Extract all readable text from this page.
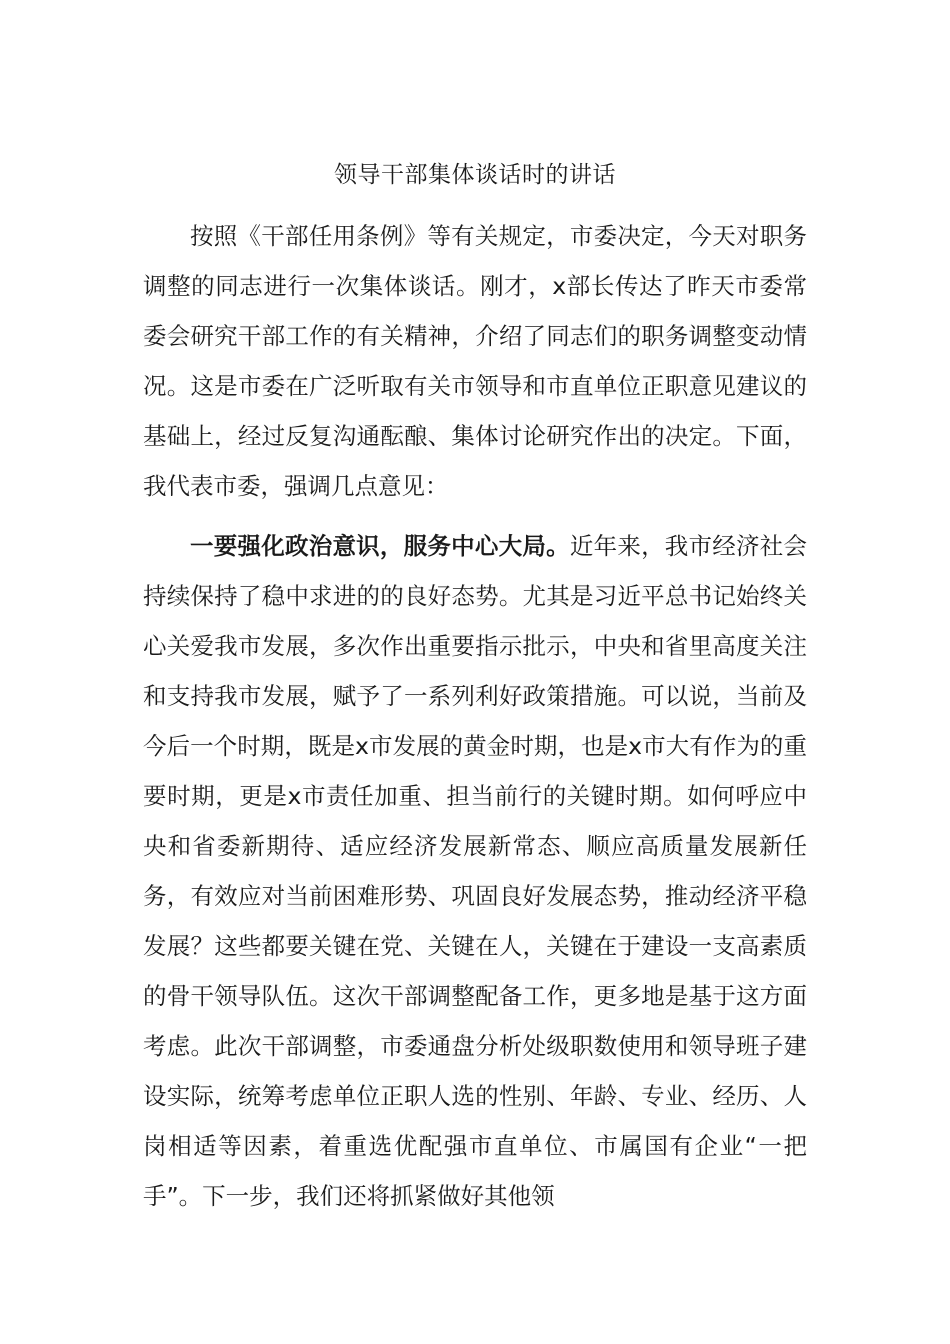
领导干部集体谈话时的讲话

按照《干部任用条例》等有关规定，市委决定，今天对职务调整的同志进行一次集体谈话。刚才，x部长传达了昨天市委常委会研究干部工作的有关精神，介绍了同志们的职务调整变动情况。这是市委在广泛听取有关市领导和市直单位正职意见建议的基础上，经过反复沟通酝酿、集体讨论研究作出的决定。下面，我代表市委，强调几点意见：

一要强化政治意识，服务中心大局。近年来，我市经济社会持续保持了稳中求进的的良好态势。尤其是习近平总书记始终关心关爱我市发展，多次作出重要指示批示，中央和省里高度关注和支持我市发展，赋予了一系列利好政策措施。可以说，当前及今后一个时期，既是x市发展的黄金时期，也是x市大有作为的重要时期，更是x市责任加重、担当前行的关键时期。如何呼应中央和省委新期待、适应经济发展新常态、顺应高质量发展新任务，有效应对当前困难形势、巩固良好发展态势，推动经济平稳发展？这些都要关键在党、关键在人，关键在于建设一支高素质的骨干领导队伍。这次干部调整配备工作，更多地是基于这方面考虑。此次干部调整，市委通盘分析处级职数使用和领导班子建设实际，统筹考虑单位正职人选的性别、年龄、专业、经历、人岗相适等因素，着重选优配强市直单位、市属国有企业“一把手”。下一步，我们还将抓紧做好其他领
